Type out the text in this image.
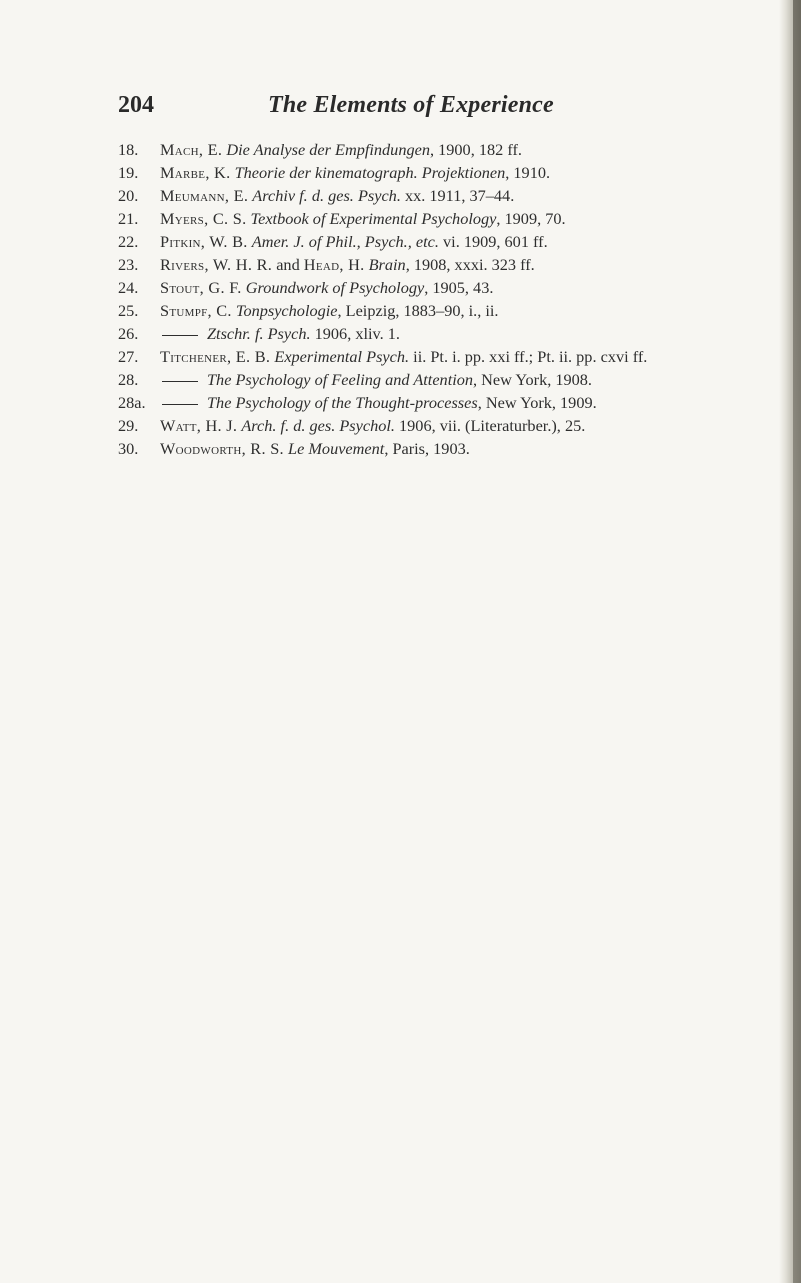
204	The Elements of Experience
18. Mach, E. Die Analyse der Empfindungen, 1900, 182 ff.
19. Marbe, K. Theorie der kinematograph. Projektionen, 1910.
20. Meumann, E. Archiv f. d. ges. Psych. xx. 1911, 37–44.
21. Myers, C. S. Textbook of Experimental Psychology, 1909, 70.
22. Pitkin, W. B. Amer. J. of Phil., Psych., etc. vi. 1909, 601 ff.
23. Rivers, W. H. R. and Head, H. Brain, 1908, xxxi. 323 ff.
24. Stout, G. F. Groundwork of Psychology, 1905, 43.
25. Stumpf, C. Tonpsychologie, Leipzig, 1883–90, i., ii.
26.	Ztschr. f. Psych. 1906, xliv. 1.
27. Titchener, E. B. Experimental Psych. ii. Pt. i. pp. xxi ff.; Pt. ii. pp. cxvi ff.
28.	The Psychology of Feeling and Attention, New York, 1908.
28a.	The Psychology of the Thought-processes, New York, 1909.
29. Watt, H. J. Arch. f. d. ges. Psychol. 1906, vii. (Literaturber.), 25.
30. Woodworth, R. S. Le Mouvement, Paris, 1903.
